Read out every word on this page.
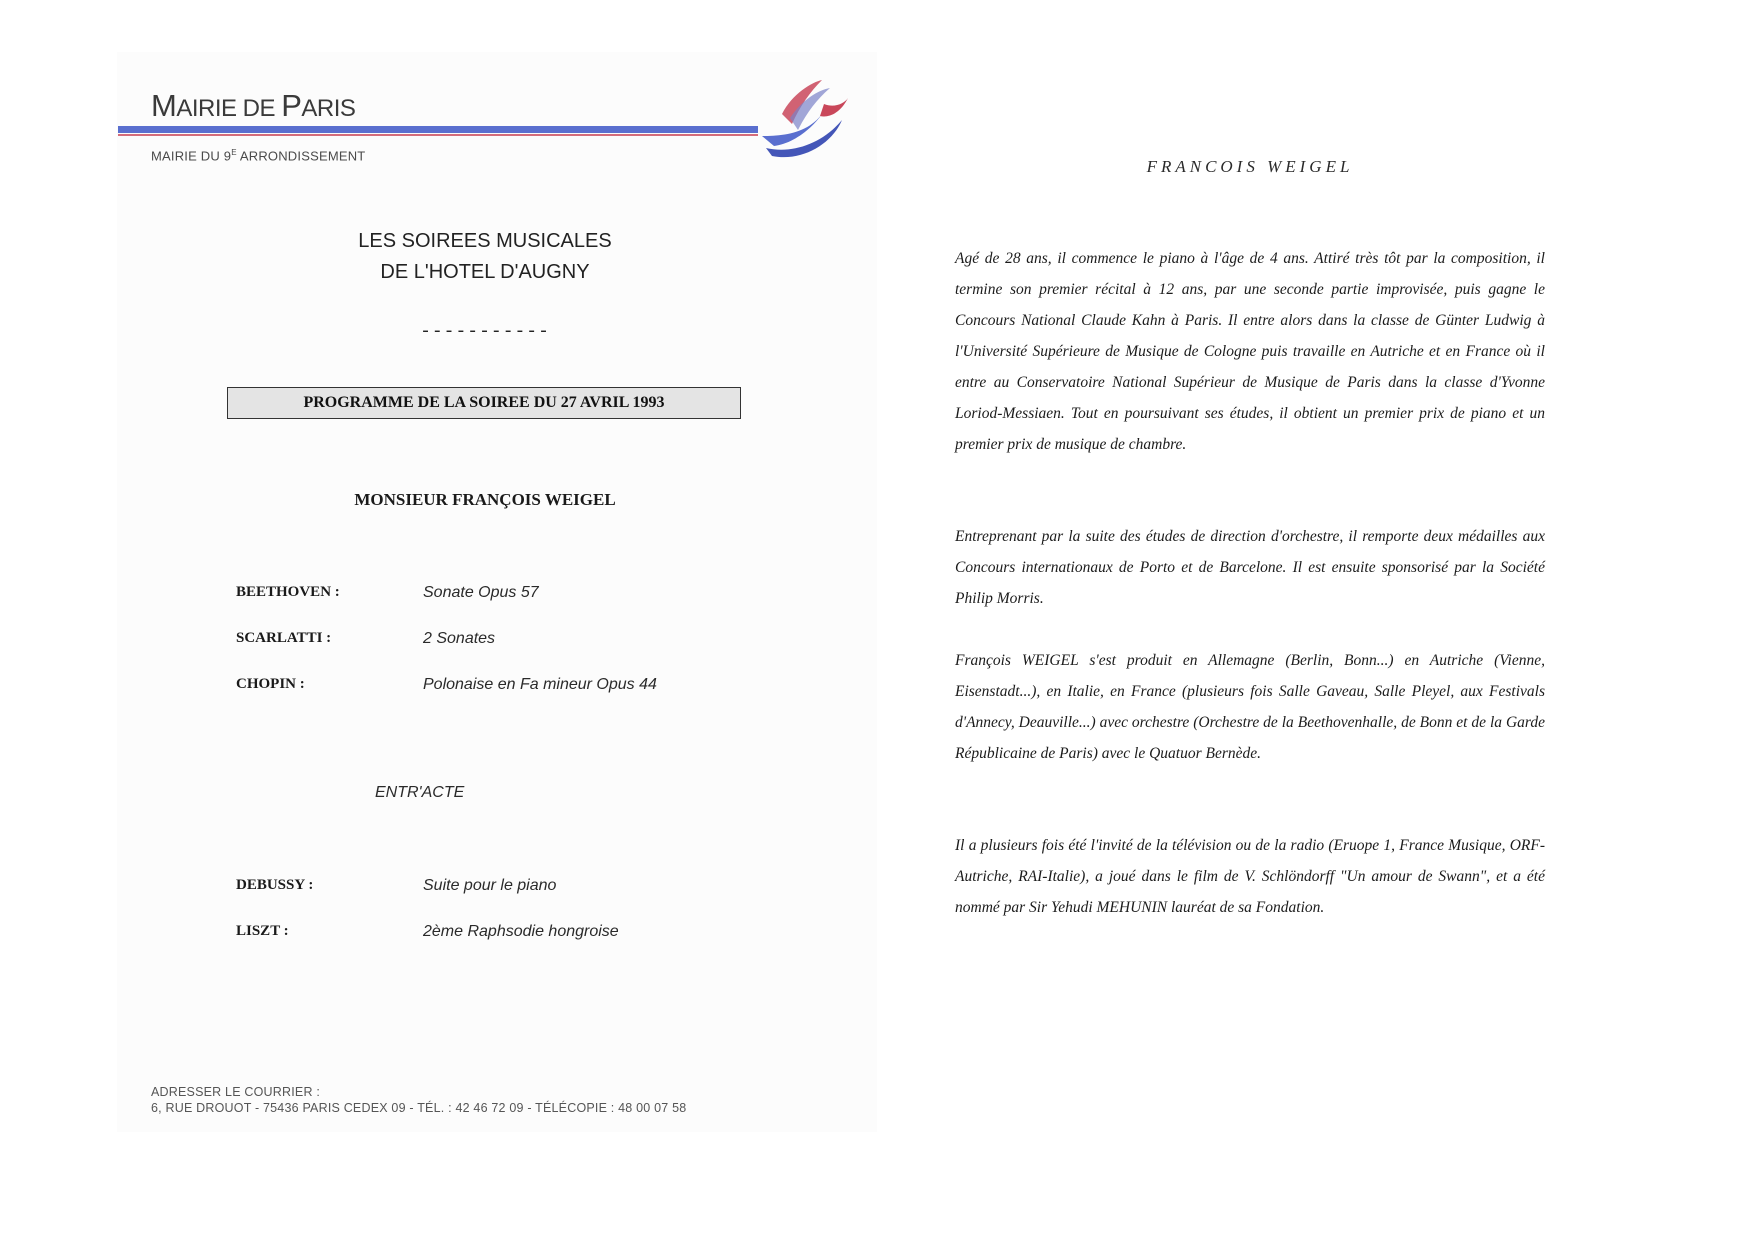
MAIRIE DE PARIS
MAIRIE DU $9^E$ ARRONDISSEMENT
LES SOIREES MUSICALES
DE L'HOTEL D'AUGNY
-----------
PROGRAMME DE LA SOIREE DU 27 AVRIL 1993
MONSIEUR FRANÇOIS WEIGEL
BEETHOVEN :	Sonate Opus 57
SCARLATTI :	2 Sonates
CHOPIN :	Polonaise en Fa mineur Opus 44
ENTR'ACTE
DEBUSSY :	Suite pour le piano
LISZT :	2ème Raphsodie hongroise
ADRESSER LE COURRIER :
6, RUE DROUOT - 75436 PARIS CEDEX 09 - TÉL. : 42 46 72 09 - TÉLÉCOPIE : 48 00 07 58
FRANCOIS WEIGEL
Agé de 28 ans, il commence le piano à l'âge de 4 ans. Attiré très tôt par la composition, il termine son premier récital à 12 ans, par une seconde partie improvisée, puis gagne le Concours National Claude Kahn à Paris. Il entre alors dans la classe de Günter Ludwig à l'Université Supérieure de Musique de Cologne puis travaille en Autriche et en France où il entre au Conservatoire National Supérieur de Musique de Paris dans la classe d'Yvonne Loriod-Messiaen. Tout en poursuivant ses études, il obtient un premier prix de piano et un premier prix de musique de chambre.
Entreprenant par la suite des études de direction d'orchestre, il remporte deux médailles aux Concours internationaux de Porto et de Barcelone. Il est ensuite sponsorisé par la Société Philip Morris.
François WEIGEL s'est produit en Allemagne (Berlin, Bonn...) en Autriche (Vienne, Eisenstadt...), en Italie, en France (plusieurs fois Salle Gaveau, Salle Pleyel, aux Festivals d'Annecy, Deauville...) avec orchestre (Orchestre de la Beethovenhalle, de Bonn et de la Garde Républicaine de Paris) avec le Quatuor Bernède.
Il a plusieurs fois été l'invité de la télévision ou de la radio (Eruope 1, France Musique, ORF-Autriche, RAI-Italie), a joué dans le film de V. Schlöndorff "Un amour de Swann", et a été nommé par Sir Yehudi MEHUNIN lauréat de sa Fondation.
